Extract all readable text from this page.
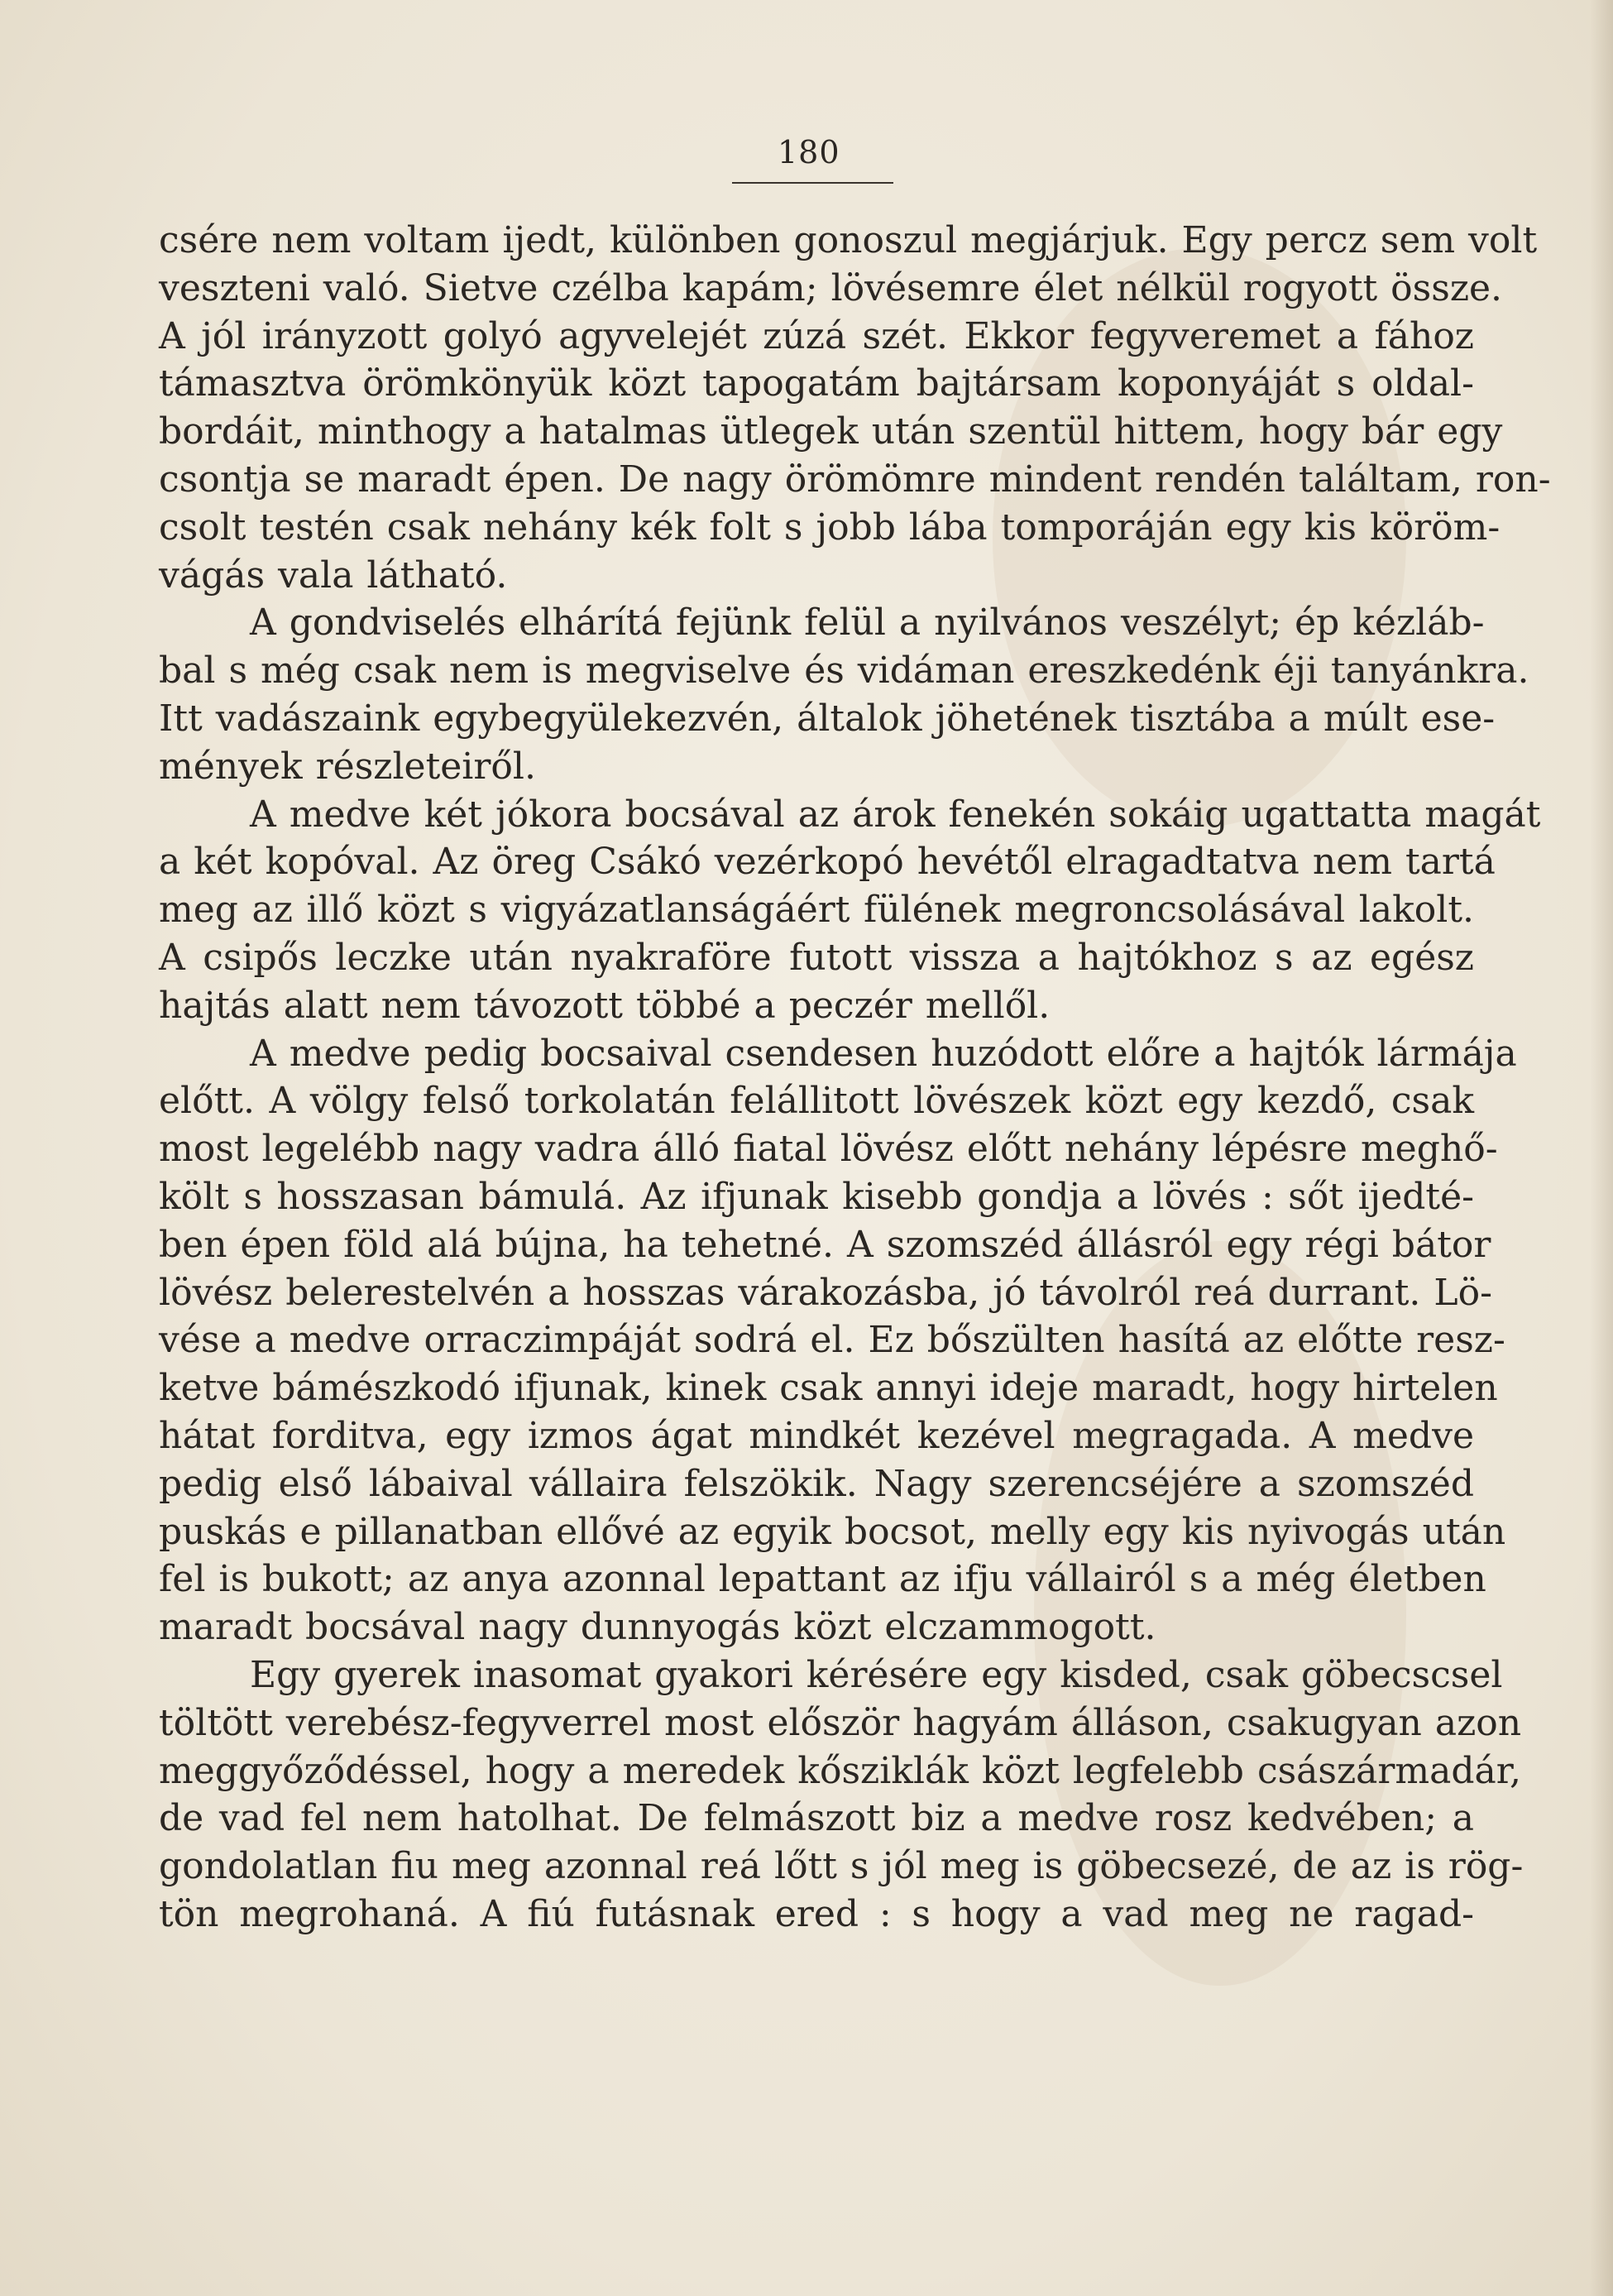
180
csére nem voltam ijedt, különben gonoszul megjárjuk. Egy percz sem volt
veszteni való. Sietve czélba kapám; lövésemre élet nélkül rogyott össze.
A jól irányzott golyó agyvelejét zúzá szét. Ekkor fegyveremet a fához
támasztva örömkönyük közt tapogatám bajtársam koponyáját s oldal-
bordáit, minthogy a hatalmas ütlegek után szentül hittem, hogy bár egy
csontja se maradt épen. De nagy örömömre mindent rendén találtam, ron-
csolt testén csak nehány kék folt s jobb lába tomporáján egy kis köröm-
vágás vala látható.
A gondviselés elhárítá fejünk felül a nyilvános veszélyt; ép kézláb-
bal s még csak nem is megviselve és vidáman ereszkedénk éji tanyánkra.
Itt vadászaink egybegyülekezvén, általok jöhetének tisztába a múlt ese-
mények részleteiről.
A medve két jókora bocsával az árok fenekén sokáig ugattatta magát
a két kopóval. Az öreg Csákó vezérkopó hevétől elragadtatva nem tartá
meg az illő közt s vigyázatlanságáért fülének megroncsolásával lakolt.
A csipős leczke után nyakraföre futott vissza a hajtókhoz s az egész
hajtás alatt nem távozott többé a peczér mellől.
A medve pedig bocsaival csendesen huzódott előre a hajtók lármája
előtt. A völgy felső torkolatán felállitott lövészek közt egy kezdő, csak
most legelébb nagy vadra álló fiatal lövész előtt nehány lépésre meghő-
költ s hosszasan bámulá. Az ifjunak kisebb gondja a lövés : sőt ijedté-
ben épen föld alá bújna, ha tehetné. A szomszéd állásról egy régi bátor
lövész belerestelvén a hosszas várakozásba, jó távolról reá durrant. Lö-
vése a medve orraczimpáját sodrá el. Ez bőszülten hasítá az előtte resz-
ketve bámészkodó ifjunak, kinek csak annyi ideje maradt, hogy hirtelen
hátat forditva, egy izmos ágat mindkét kezével megragada. A medve
pedig első lábaival vállaira felszökik. Nagy szerencséjére a szomszéd
puskás e pillanatban ellővé az egyik bocsot, melly egy kis nyivogás után
fel is bukott; az anya azonnal lepattant az ifju vállairól s a még életben
maradt bocsával nagy dunnyogás közt elczammogott.
Egy gyerek inasomat gyakori kérésére egy kisded, csak göbecscsel
töltött verebész-fegyverrel most először hagyám álláson, csakugyan azon
meggyőződéssel, hogy a meredek kősziklák közt legfelebb császármadár,
de vad fel nem hatolhat. De felmászott biz a medve rosz kedvében; a
gondolatlan fiu meg azonnal reá lőtt s jól meg is göbecsezé, de az is rög-
tön megrohaná. A fiú futásnak ered : s hogy a vad meg ne ragad-
